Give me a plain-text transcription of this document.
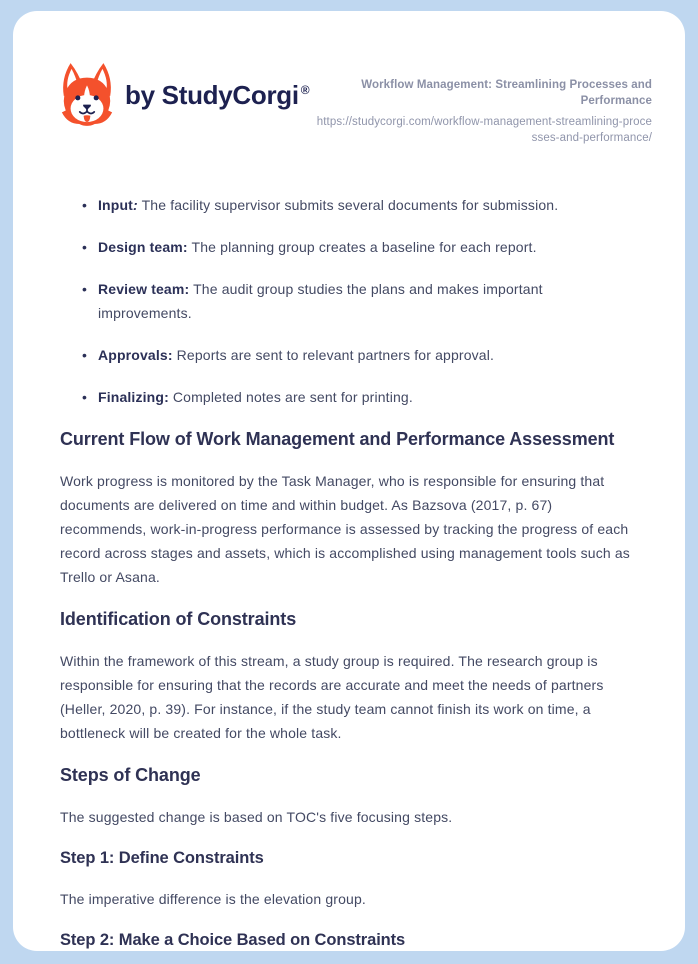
by StudyCorgi ®	Workflow Management: Streamlining Processes and Performance
https://studycorgi.com/workflow-management-streamlining-processes-and-performance/
• Input: The facility supervisor submits several documents for submission.
• Design team: The planning group creates a baseline for each report.
• Review team: The audit group studies the plans and makes important improvements.
• Approvals: Reports are sent to relevant partners for approval.
• Finalizing: Completed notes are sent for printing.
Current Flow of Work Management and Performance Assessment

Work progress is monitored by the Task Manager, who is responsible for ensuring that documents are delivered on time and within budget. As Bazsova (2017, p. 67) recommends, work-in-progress performance is assessed by tracking the progress of each record across stages and assets, which is accomplished using management tools such as Trello or Asana.

Identification of Constraints

Within the framework of this stream, a study group is required. The research group is responsible for ensuring that the records are accurate and meet the needs of partners (Heller, 2020, p. 39). For instance, if the study team cannot finish its work on time, a bottleneck will be created for the whole task.

Steps of Change

The suggested change is based on TOC's five focusing steps.

Step 1: Define Constraints

The imperative difference is the elevation group.

Step 2: Make a Choice Based on Constraints
